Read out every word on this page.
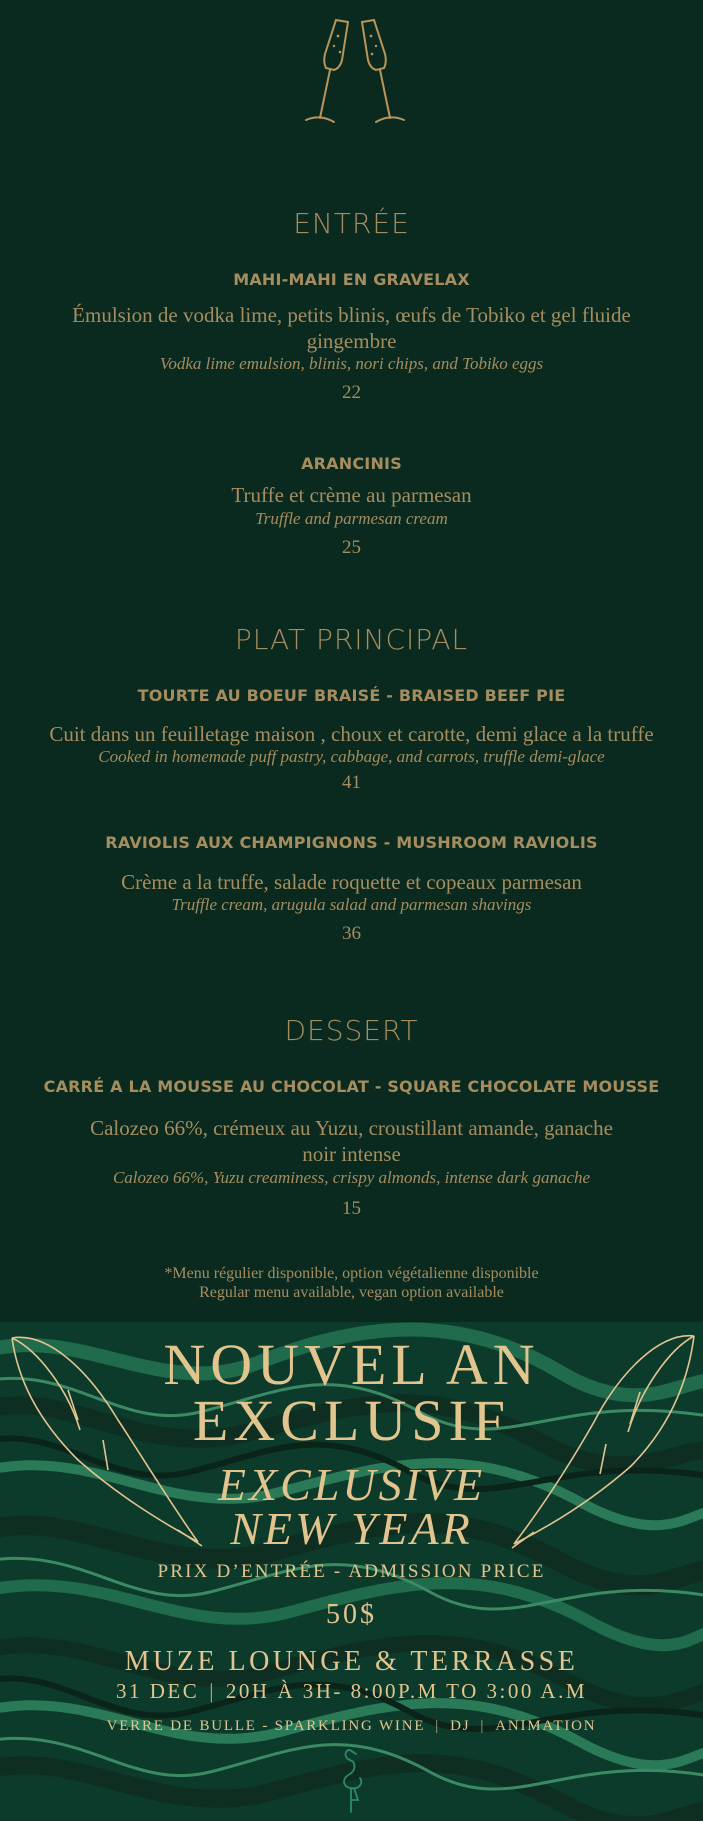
ENTRÉE
MAHI-MAHI EN GRAVELAX
Émulsion de vodka lime, petits blinis, œufs de Tobiko et gel fluide
gingembre
Vodka lime emulsion, blinis, nori chips, and Tobiko eggs
22
ARANCINIS
Truffe et crème au parmesan
Truffle and parmesan cream
25
PLAT PRINCIPAL
TOURTE AU BOEUF BRAISÉ - BRAISED BEEF PIE
Cuit dans un feuilletage maison , choux et carotte, demi glace a la truffe
Cooked in homemade puff pastry, cabbage, and carrots, truffle demi-glace
41
RAVIOLIS AUX CHAMPIGNONS - MUSHROOM RAVIOLIS
Crème a la truffe, salade roquette et copeaux parmesan
Truffle cream, arugula salad and parmesan shavings
36
DESSERT
CARRÉ A LA MOUSSE AU CHOCOLAT - SQUARE CHOCOLATE MOUSSE
Calozeo 66%, crémeux au Yuzu, croustillant amande, ganache
noir intense
Calozeo 66%, Yuzu creaminess, crispy almonds, intense dark ganache
15
*Menu régulier disponible, option végétalienne disponible
Regular menu available, vegan option available
NOUVEL AN
EXCLUSIF
EXCLUSIVE
NEW YEAR
PRIX D’ENTRÉE - ADMISSION PRICE
50$
MUZE LOUNGE & TERRASSE
31 DEC | 20H À 3H- 8:00P.M TO 3:00 A.M
VERRE DE BULLE - SPARKLING WINE | DJ | ANIMATION
